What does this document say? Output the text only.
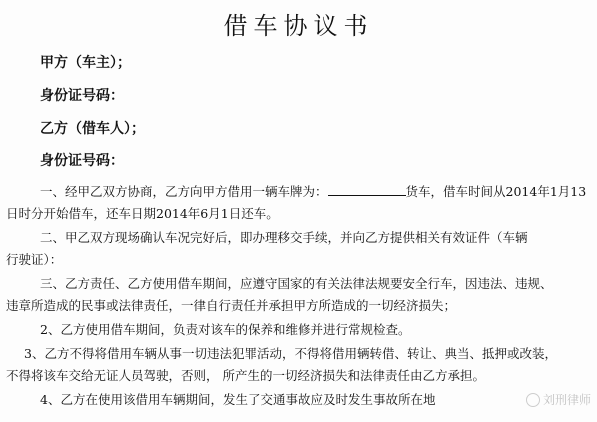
借车协议书
甲方（车主）；
身份证号码：
乙方（借车人）；
身份证号码：
一、经甲乙双方协商，乙方向甲方借用一辆车牌为：	货车，借车时间从2014年1月13
日时分开始借车，还车日期2014年6月1日还车。
二、甲乙双方现场确认车况完好后，即办理移交手续，并向乙方提供相关有效证件（车辆
行驶证）：
三、乙方责任、乙方使用借车期间，应遵守国家的有关法律法规要安全行车，因违法、违规、
违章所造成的民事或法律责任，一律自行责任并承担甲方所造成的一切经济损失；
2、乙方使用借车期间，负责对该车的保养和维修并进行常规检查。
3、乙方不得将借用车辆从事一切违法犯罪活动，不得将借用辆转借、转让、典当、抵押或改装，
不得将该车交给无证人员驾驶，否则， 所产生的一切经济损失和法律责任由乙方承担。
4、乙方在使用该借用车辆期间，发生了交通事故应及时发生事故所在地	刘刑律师
